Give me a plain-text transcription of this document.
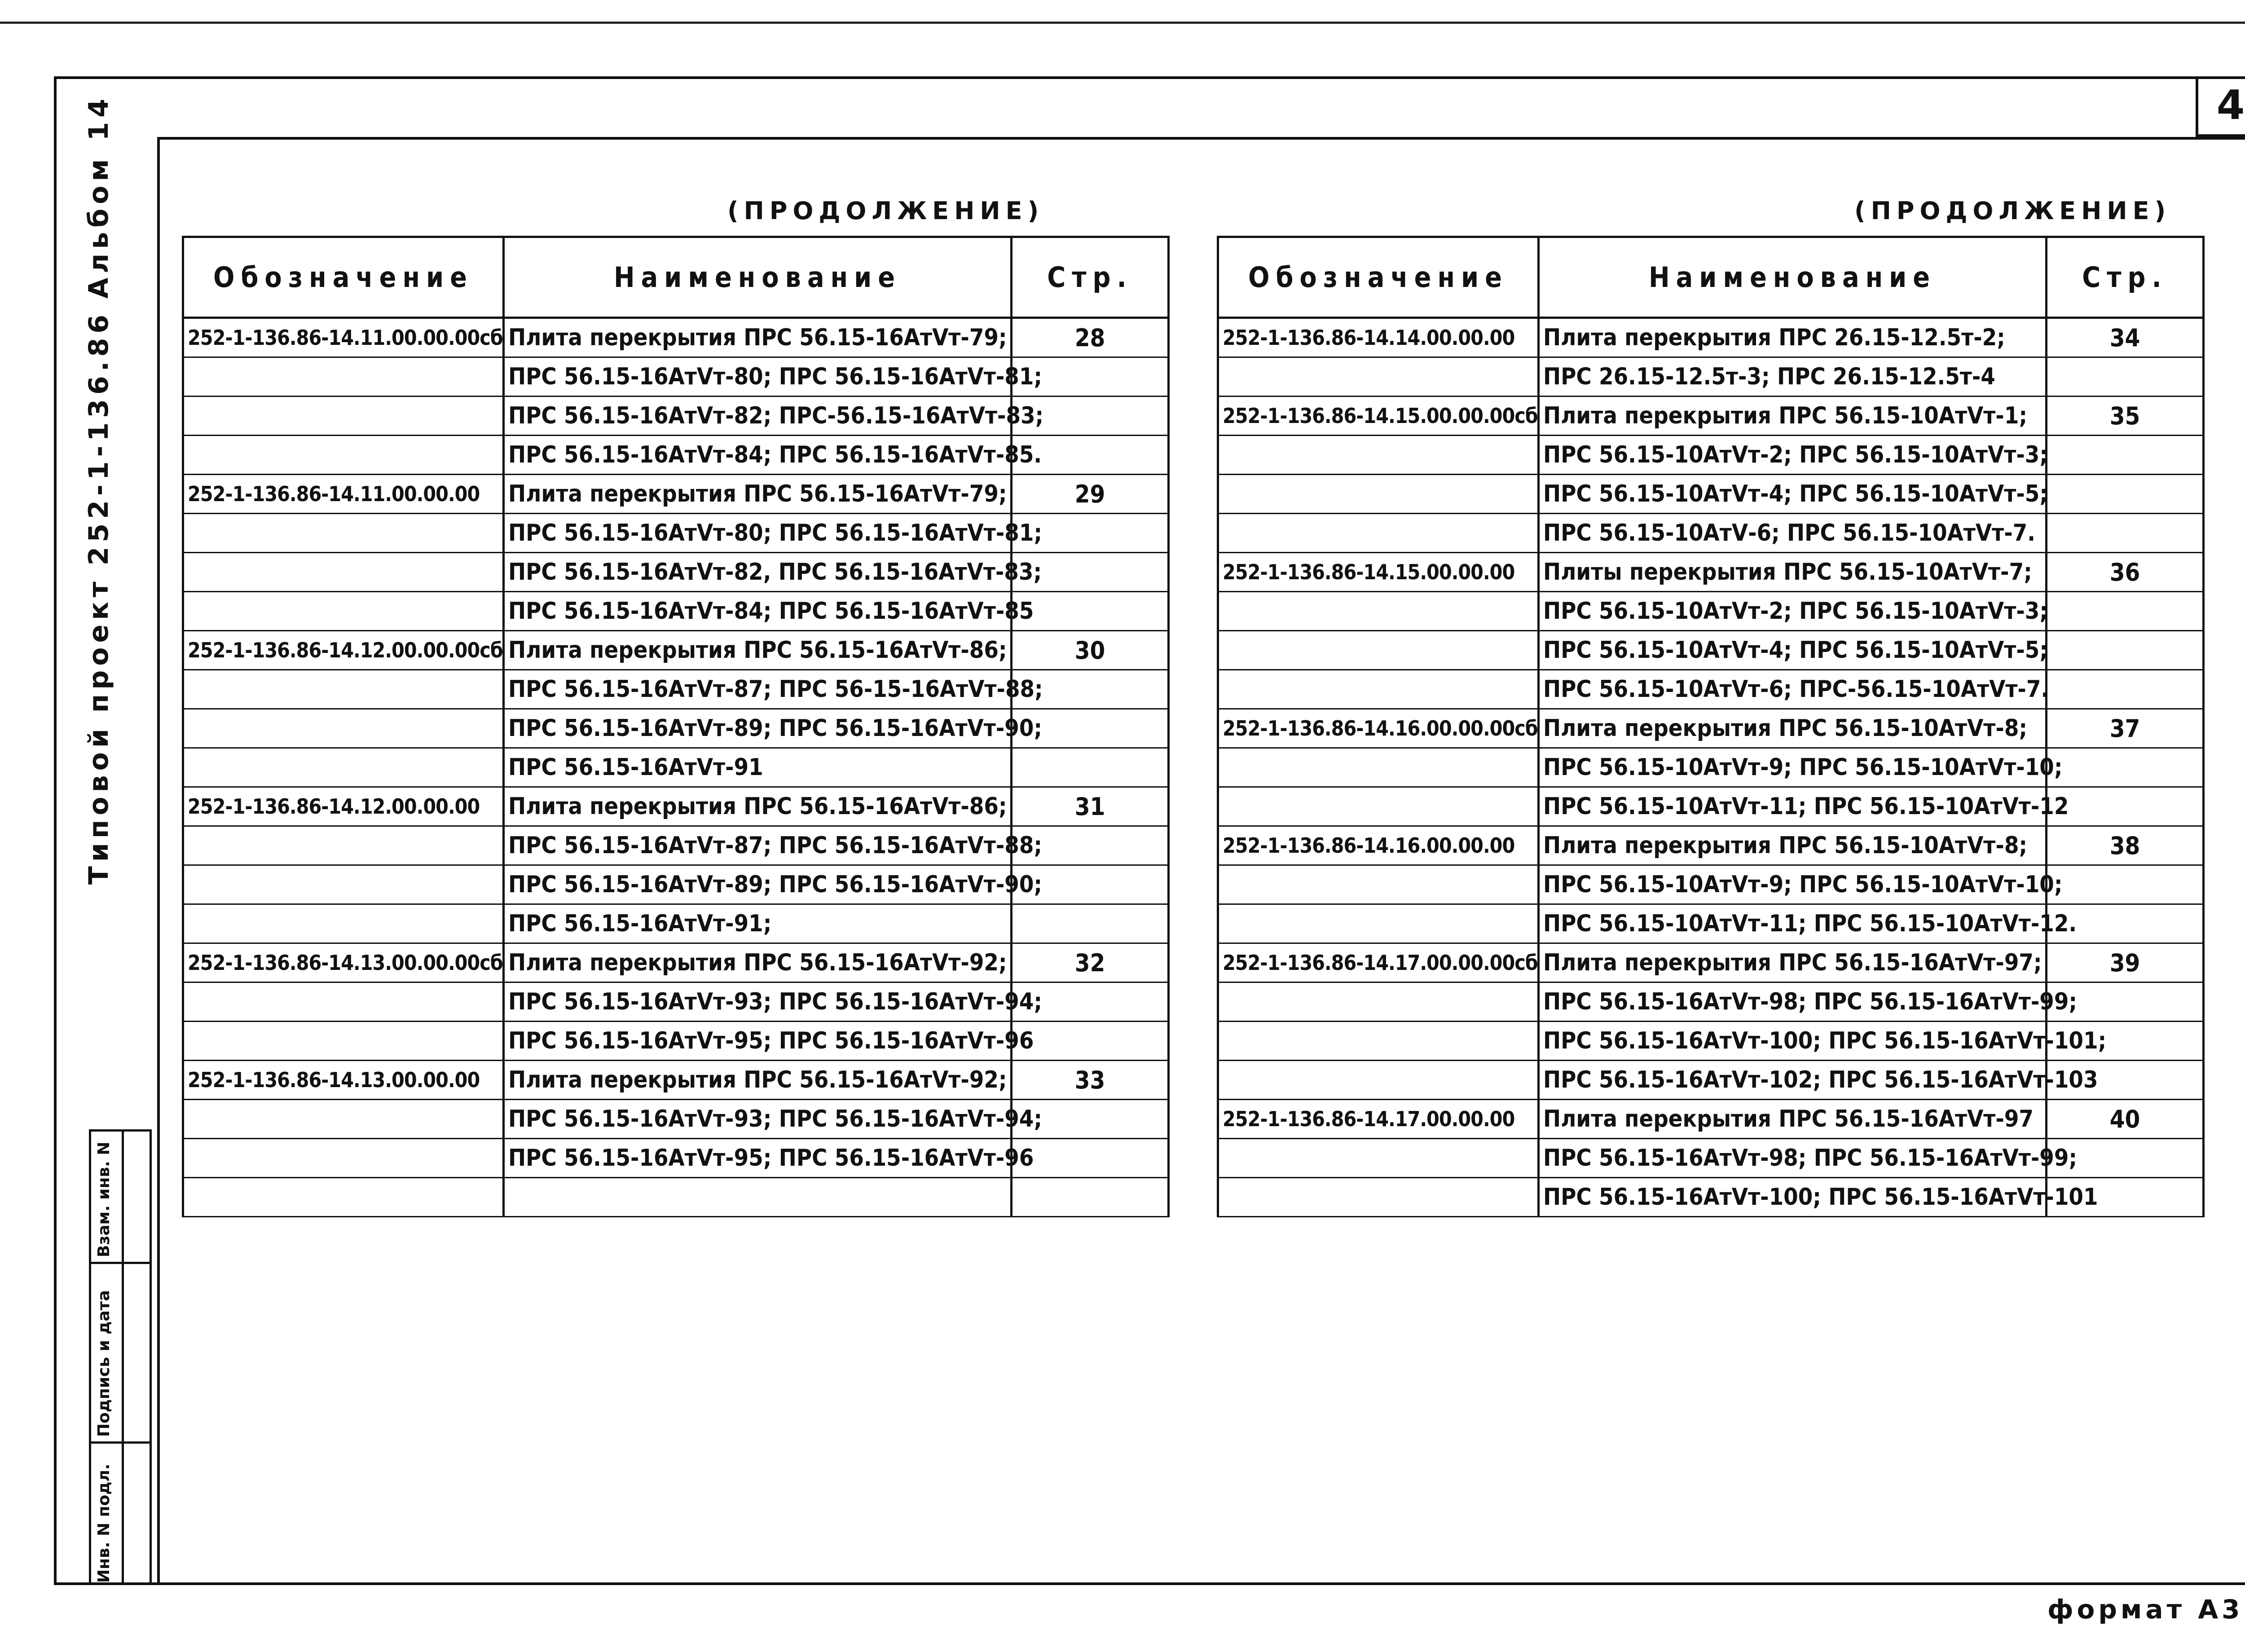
4
Типовой
проект
252-1-136.86
Альбом 14
Инв. N подл.
Подпись и дата
Взам. инв. N
(ПРОДОЛЖЕНИЕ)
Обозначение	Наименование	Стр.
252-1-136.86-14.11.00.00.00сб	Плита перекрытия ПРС 56.15-16АтⅤт-79;	28
	ПРС 56.15-16АтⅤт-80; ПРС 56.15-16АтⅤт-81;	
	ПРС 56.15-16АтⅤт-82; ПРС-56.15-16АтⅤт-83;	
	ПРС 56.15-16АтⅤт-84; ПРС 56.15-16АтⅤт-85.	
252-1-136.86-14.11.00.00.00	Плита перекрытия ПРС 56.15-16АтⅤт-79;	29
	ПРС 56.15-16АтⅤт-80; ПРС 56.15-16АтⅤт-81;	
	ПРС 56.15-16АтⅤт-82, ПРС 56.15-16АтⅤт-83;	
	ПРС 56.15-16АтⅤт-84; ПРС 56.15-16АтⅤт-85	
252-1-136.86-14.12.00.00.00сб	Плита перекрытия ПРС 56.15-16АтⅤт-86;	30
	ПРС 56.15-16АтⅤт-87; ПРС 56-15-16АтⅤт-88;	
	ПРС 56.15-16АтⅤт-89; ПРС 56.15-16АтⅤт-90;	
	ПРС 56.15-16АтⅤт-91	
252-1-136.86-14.12.00.00.00	Плита перекрытия ПРС 56.15-16АтⅤт-86;	31
	ПРС 56.15-16АтⅤт-87; ПРС 56.15-16АтⅤт-88;	
	ПРС 56.15-16АтⅤт-89; ПРС 56.15-16АтⅤт-90;	
	ПРС 56.15-16АтⅤт-91;	
252-1-136.86-14.13.00.00.00сб	Плита перекрытия ПРС 56.15-16АтⅤт-92;	32
	ПРС 56.15-16АтⅤт-93; ПРС 56.15-16АтⅤт-94;	
	ПРС 56.15-16АтⅤт-95; ПРС 56.15-16АтⅤт-96	
252-1-136.86-14.13.00.00.00	Плита перекрытия ПРС 56.15-16АтⅤт-92;	33
	ПРС 56.15-16АтⅤт-93; ПРС 56.15-16АтⅤт-94;	
	ПРС 56.15-16АтⅤт-95; ПРС 56.15-16АтⅤт-96	

(ПРОДОЛЖЕНИЕ)
Обозначение	Наименование	Стр.
252-1-136.86-14.14.00.00.00	Плита перекрытия ПРС 26.15-12.5т-2;	34
	ПРС 26.15-12.5т-3; ПРС 26.15-12.5т-4	
252-1-136.86-14.15.00.00.00сб	Плита перекрытия ПРС 56.15-10АтⅤт-1;	35
	ПРС 56.15-10АтⅤт-2; ПРС 56.15-10АтⅤт-3;	
	ПРС 56.15-10АтⅤт-4; ПРС 56.15-10АтⅤт-5;	
	ПРС 56.15-10АтⅤ-6; ПРС 56.15-10АтⅤт-7.	
252-1-136.86-14.15.00.00.00	Плиты перекрытия ПРС 56.15-10АтⅤт-7;	36
	ПРС 56.15-10АтⅤт-2; ПРС 56.15-10АтⅤт-3;	
	ПРС 56.15-10АтⅤт-4; ПРС 56.15-10АтⅤт-5;	
	ПРС 56.15-10АтⅤт-6; ПРС-56.15-10АтⅤт-7.	
252-1-136.86-14.16.00.00.00сб	Плита перекрытия ПРС 56.15-10АтⅤт-8;	37
	ПРС 56.15-10АтⅤт-9; ПРС 56.15-10АтⅤт-10;	
	ПРС 56.15-10АтⅤт-11; ПРС 56.15-10АтⅤт-12	
252-1-136.86-14.16.00.00.00	Плита перекрытия ПРС 56.15-10АтⅤт-8;	38
	ПРС 56.15-10АтⅤт-9; ПРС 56.15-10АтⅤт-10;	
	ПРС 56.15-10АтⅤт-11; ПРС 56.15-10АтⅤт-12.	
252-1-136.86-14.17.00.00.00сб	Плита перекрытия ПРС 56.15-16АтⅤт-97;	39
	ПРС 56.15-16АтⅤт-98; ПРС 56.15-16АтⅤт-99;	
	ПРС 56.15-16АтⅤт-100; ПРС 56.15-16АтⅤт-101;	
	ПРС 56.15-16АтⅤт-102; ПРС 56.15-16АтⅤт-103	
252-1-136.86-14.17.00.00.00	Плита перекрытия ПРС 56.15-16АтⅤт-97	40
	ПРС 56.15-16АтⅤт-98; ПРС 56.15-16АтⅤт-99;	
	ПРС 56.15-16АтⅤт-100; ПРС 56.15-16АтⅤт-101	
формат А3
